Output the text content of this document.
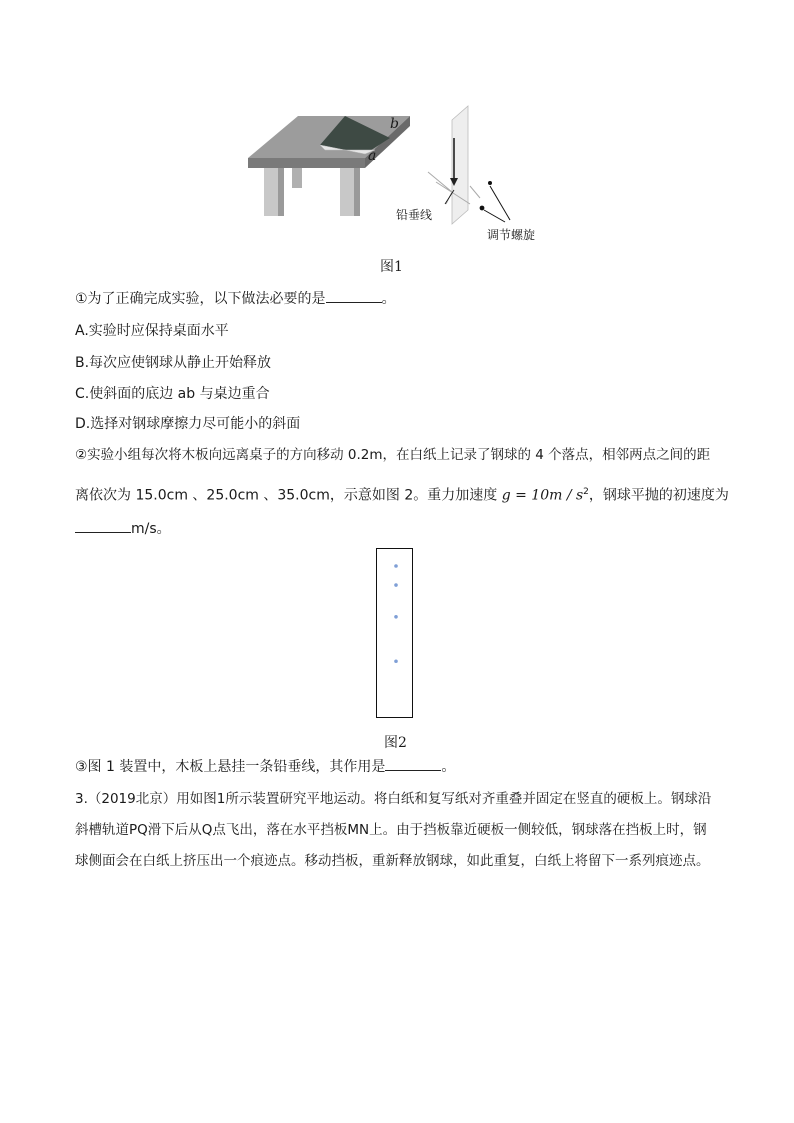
b
a
铅垂线
调节螺旋
图1
①为了正确完成实验，以下做法必要的是	。
A.实验时应保持桌面水平
B.每次应使钢球从静止开始释放
C.使斜面的底边 ab 与桌边重合
D.选择对钢球摩擦力尽可能小的斜面
②实验小组每次将木板向远离桌子的方向移动 0.2m，在白纸上记录了钢球的 4 个落点，相邻两点之间的距
离依次为 15.0cm 、25.0cm 、35.0cm，示意如图 2。重力加速度 $g = 10m / s^2$，钢球平抛的初速度为
m/s。
图2
③图 1 装置中，木板上悬挂一条铅垂线，其作用是	。
3.（2019北京）用如图1所示装置研究平地运动。将白纸和复写纸对齐重叠并固定在竖直的硬板上。钢球沿
斜槽轨道PQ滑下后从Q点飞出，落在水平挡板MN上。由于挡板靠近硬板一侧较低，钢球落在挡板上时，钢
球侧面会在白纸上挤压出一个痕迹点。移动挡板，重新释放钢球，如此重复，白纸上将留下一系列痕迹点。
